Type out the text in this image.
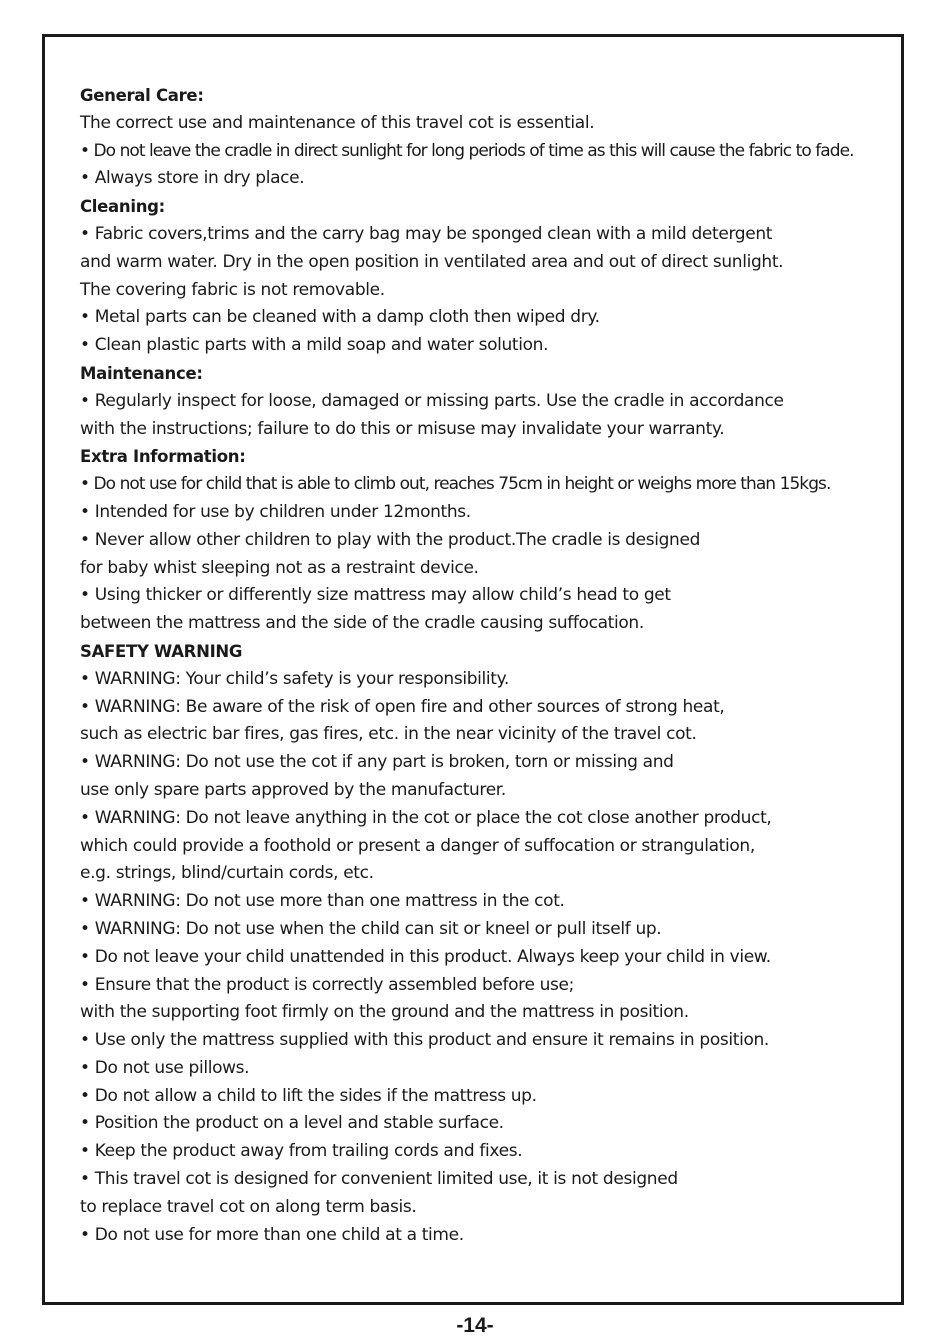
General Care:
The correct use and maintenance of this travel cot is essential.
• Do not leave the cradle in direct sunlight for long periods of time as this will cause the fabric to fade.
• Always store in dry place.
Cleaning:
• Fabric covers,trims and the carry bag may be sponged clean with a mild detergent
and warm water. Dry in the open position in ventilated area and out of direct sunlight.
The covering fabric is not removable.
• Metal parts can be cleaned with a damp cloth then wiped dry.
• Clean plastic parts with a mild soap and water solution.
Maintenance:
• Regularly inspect for loose, damaged or missing parts. Use the cradle in accordance
with the instructions; failure to do this or misuse may invalidate your warranty.
Extra Information:
• Do not use for child that is able to climb out, reaches 75cm in height or weighs more than 15kgs.
• Intended for use by children under 12months.
• Never allow other children to play with the product.The cradle is designed
for baby whist sleeping not as a restraint device.
• Using thicker or differently size mattress may allow child’s head to get
between the mattress and the side of the cradle causing suffocation.
SAFETY WARNING
• WARNING: Your child’s safety is your responsibility.
• WARNING: Be aware of the risk of open fire and other sources of strong heat,
such as electric bar fires, gas fires, etc. in the near vicinity of the travel cot.
• WARNING: Do not use the cot if any part is broken, torn or missing and
use only spare parts approved by the manufacturer.
• WARNING: Do not leave anything in the cot or place the cot close another product,
which could provide a foothold or present a danger of suffocation or strangulation,
e.g. strings, blind/curtain cords, etc.
• WARNING: Do not use more than one mattress in the cot.
• WARNING: Do not use when the child can sit or kneel or pull itself up.
• Do not leave your child unattended in this product. Always keep your child in view.
• Ensure that the product is correctly assembled before use;
with the supporting foot firmly on the ground and the mattress in position.
• Use only the mattress supplied with this product and ensure it remains in position.
• Do not use pillows.
• Do not allow a child to lift the sides if the mattress up.
• Position the product on a level and stable surface.
• Keep the product away from trailing cords and fixes.
• This travel cot is designed for convenient limited use, it is not designed
to replace travel cot on along term basis.
• Do not use for more than one child at a time.
-14-
